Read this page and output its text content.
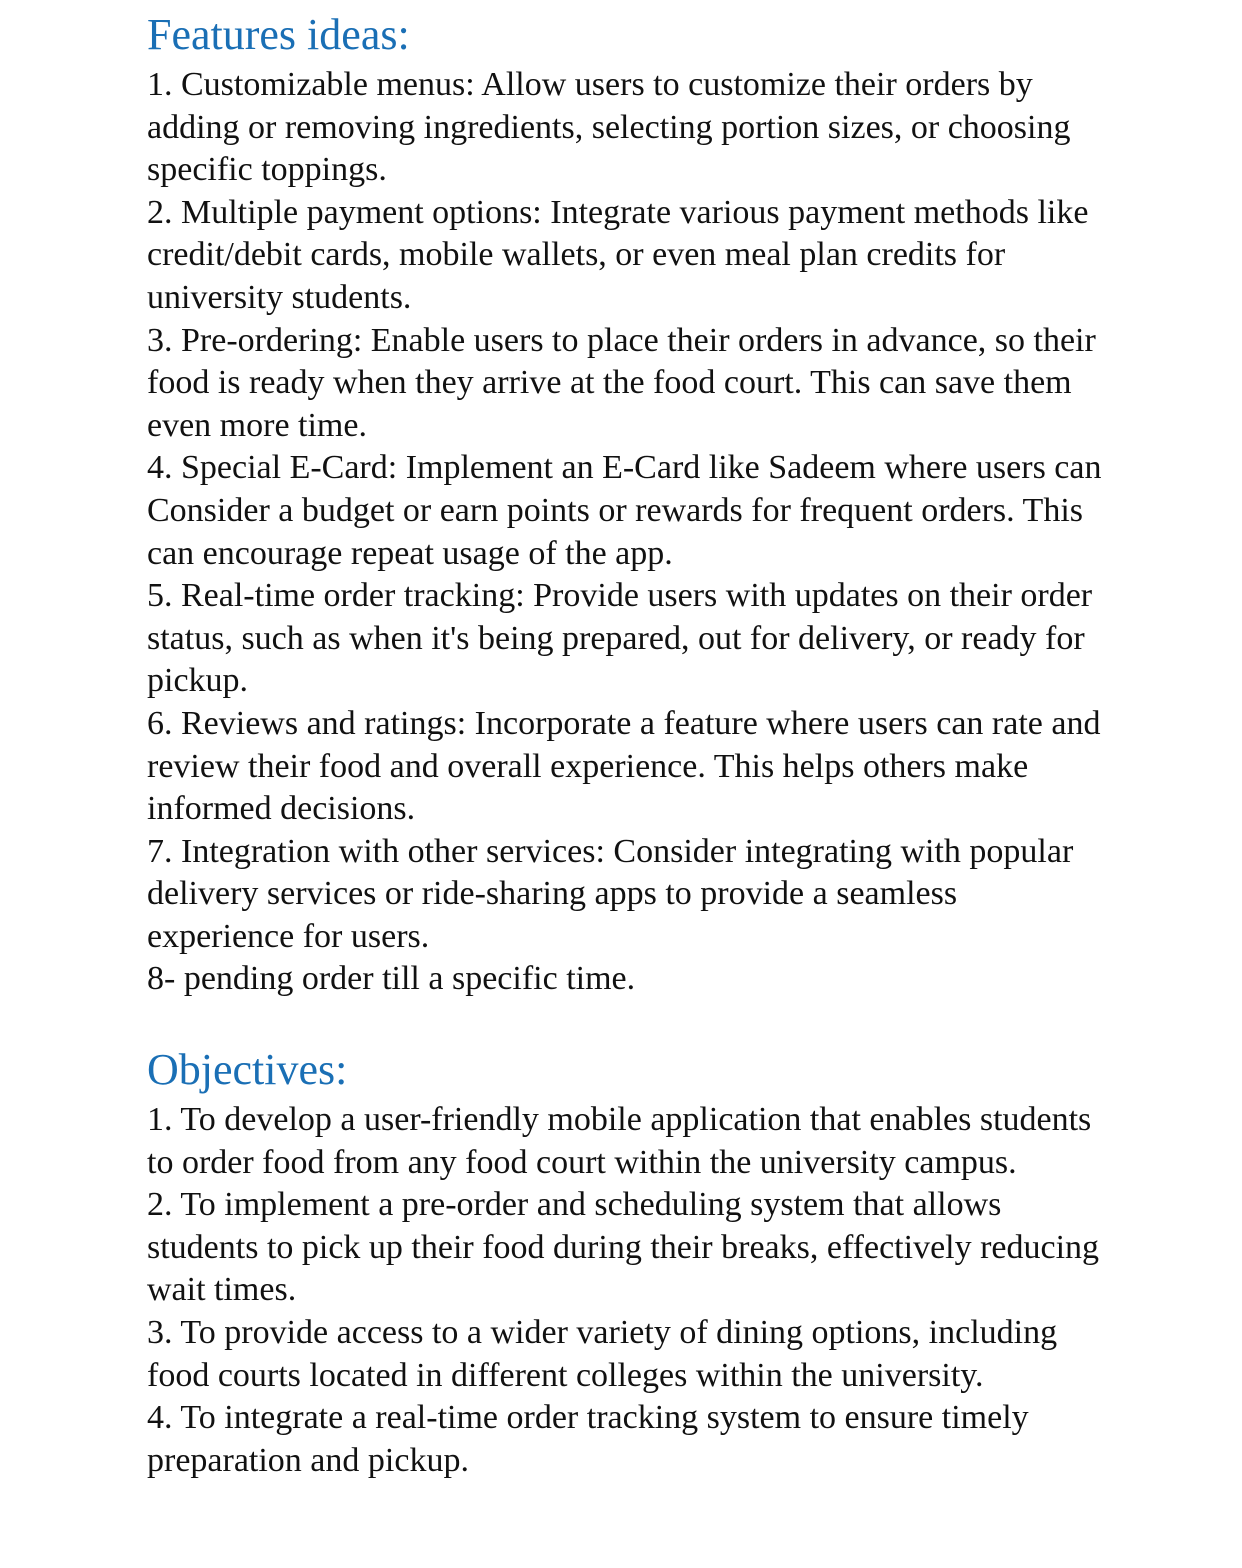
Features ideas:
1. Customizable menus: Allow users to customize their orders by adding or removing ingredients, selecting portion sizes, or choosing specific toppings.
2. Multiple payment options: Integrate various payment methods like credit/debit cards, mobile wallets, or even meal plan credits for university students.
3. Pre-ordering: Enable users to place their orders in advance, so their food is ready when they arrive at the food court. This can save them even more time.
4. Special E-Card: Implement an E-Card like Sadeem where users can Consider a budget or earn points or rewards for frequent orders. This can encourage repeat usage of the app.
5. Real-time order tracking: Provide users with updates on their order status, such as when it's being prepared, out for delivery, or ready for pickup.
6. Reviews and ratings: Incorporate a feature where users can rate and review their food and overall experience. This helps others make informed decisions.
7. Integration with other services: Consider integrating with popular delivery services or ride-sharing apps to provide a seamless experience for users.
8- pending order till a specific time.
Objectives:
1. To develop a user-friendly mobile application that enables students to order food from any food court within the university campus.
2. To implement a pre-order and scheduling system that allows students to pick up their food during their breaks, effectively reducing wait times.
3. To provide access to a wider variety of dining options, including food courts located in different colleges within the university.
4. To integrate a real-time order tracking system to ensure timely preparation and pickup.
